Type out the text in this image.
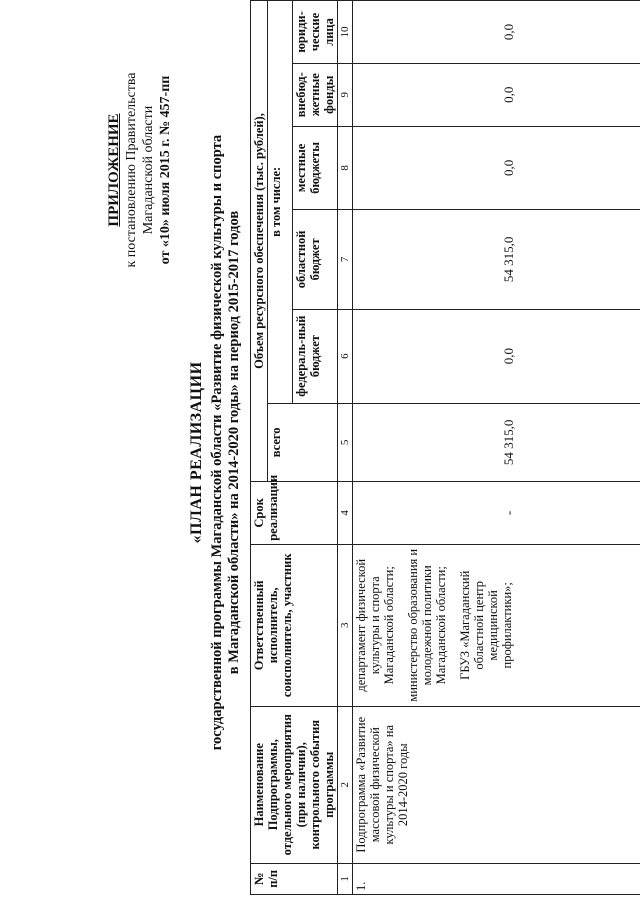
ПРИЛОЖЕНИЕ к постановлению Правительства Магаданской области от «10» июля 2015 г. № 457-пп
«ПЛАН РЕАЛИЗАЦИИ государственной программы Магаданской области «Развитие физической культуры и спорта в Магаданской области» на 2014-2020 годы» на период 2015-2017 годов
№ п/п	Наименование Подпрограммы, отдельного мероприятия (при наличии), контрольного события программы	Ответственный исполнитель, соисполнитель, участник	Срок реализации	Объем ресурсного обеспечения (тыс. рублей),					
				всего	в том числе:				
					федераль-ный бюджет	областной бюджет	местные бюджеты	внебюд-жетные фонды	юриди-ческие лица
1	2	3	4	5	6	7	8	9	10
1.	Подпрограмма «Развитие массовой физической культуры и спорта» на 2014-2020 годы	департамент физической культуры и спорта Магаданской области; министерство образования и молодежной политики Магаданской области; ГБУЗ «Магаданский областной центр медицинской профилактики»;	-	54 315,0	0,0	54 315,0	0,0	0,0	0,0
